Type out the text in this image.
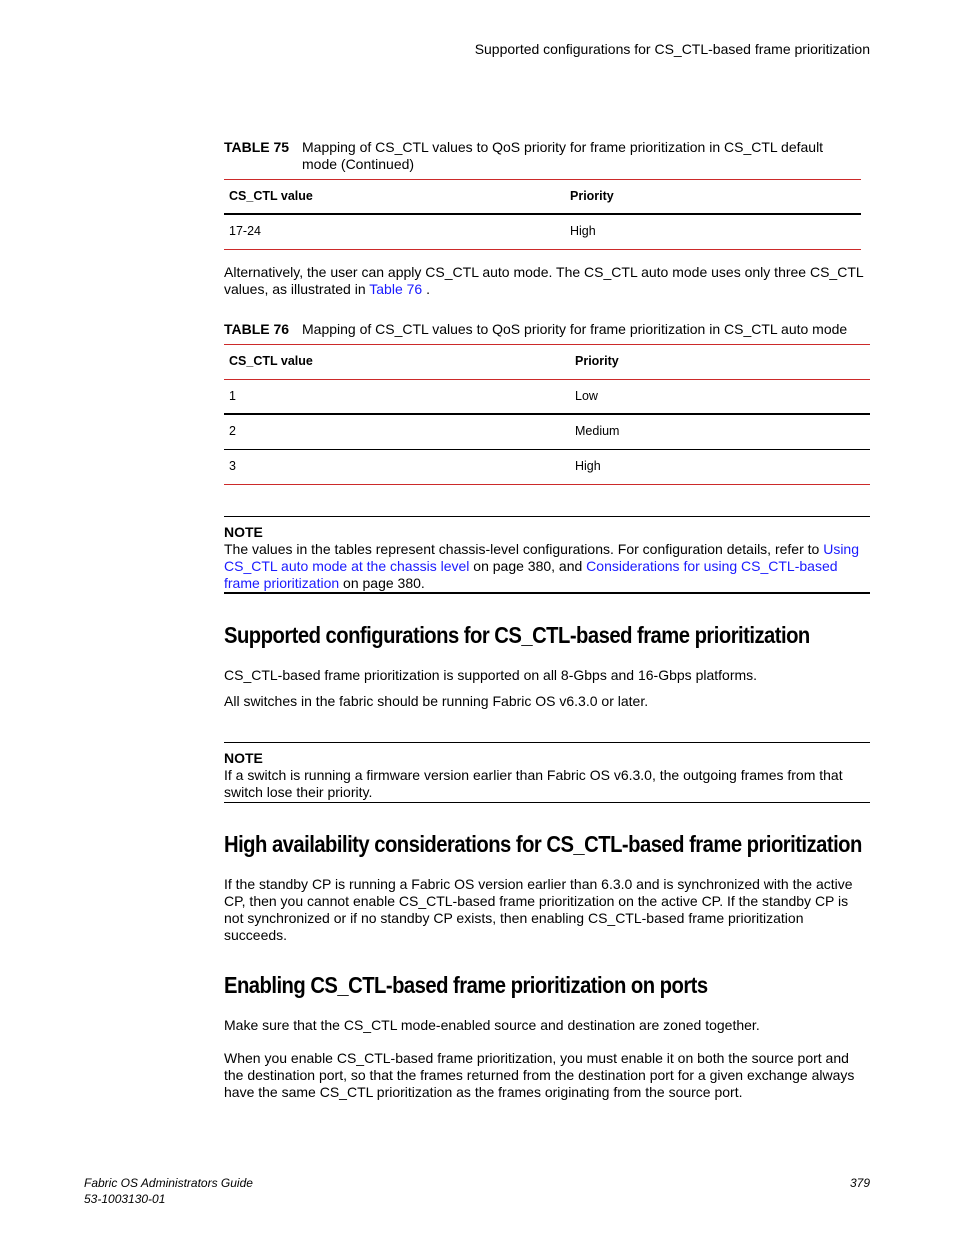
Supported configurations for CS_CTL-based frame prioritization
TABLE 75 Mapping of CS_CTL values to QoS priority for frame prioritization in CS_CTL default
mode (Continued)
CS_CTL value	Priority
17-24	High
Alternatively, the user can apply CS_CTL auto mode. The CS_CTL auto mode uses only three CS_CTL
values, as illustrated in Table 76 .
TABLE 76 Mapping of CS_CTL values to QoS priority for frame prioritization in CS_CTL auto mode
CS_CTL value	Priority
1	Low
2	Medium
3	High
NOTE
The values in the tables represent chassis-level configurations. For configuration details, refer to Using CS_CTL auto mode at the chassis level on page 380, and Considerations for using CS_CTL-based frame prioritization on page 380.
Supported configurations for CS_CTL-based frame prioritization
CS_CTL-based frame prioritization is supported on all 8-Gbps and 16-Gbps platforms.
All switches in the fabric should be running Fabric OS v6.3.0 or later.
NOTE
If a switch is running a firmware version earlier than Fabric OS v6.3.0, the outgoing frames from that switch lose their priority.
High availability considerations for CS_CTL-based frame prioritization
If the standby CP is running a Fabric OS version earlier than 6.3.0 and is synchronized with the active CP, then you cannot enable CS_CTL-based frame prioritization on the active CP. If the standby CP is not synchronized or if no standby CP exists, then enabling CS_CTL-based frame prioritization succeeds.
Enabling CS_CTL-based frame prioritization on ports
Make sure that the CS_CTL mode-enabled source and destination are zoned together.
When you enable CS_CTL-based frame prioritization, you must enable it on both the source port and the destination port, so that the frames returned from the destination port for a given exchange always have the same CS_CTL prioritization as the frames originating from the source port.
Fabric OS Administrators Guide
53-1003130-01
379
